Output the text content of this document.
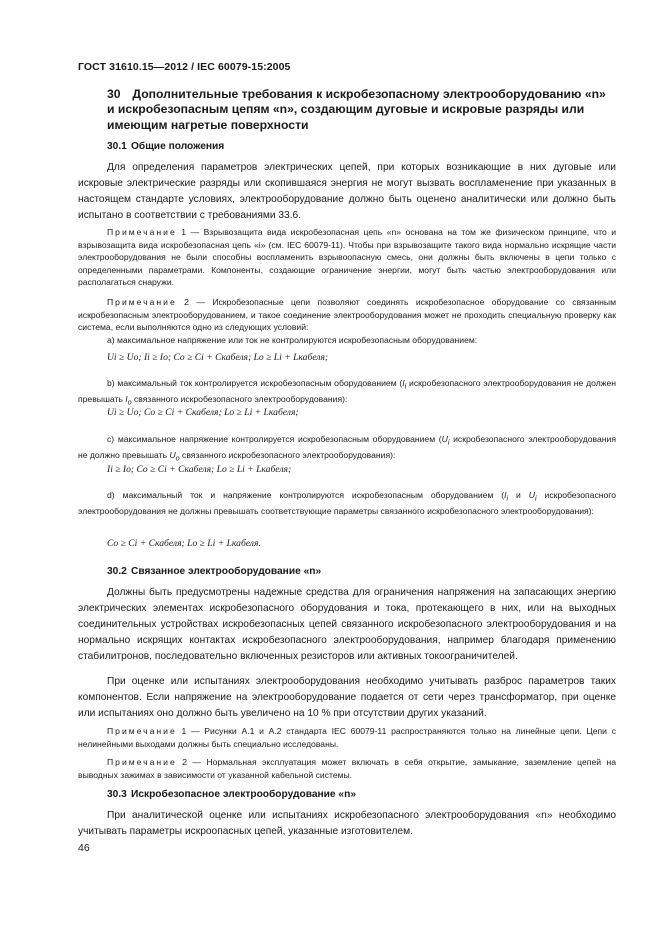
ГОСТ 31610.15—2012 / IEC 60079-15:2005
30 Дополнительные требования к искробезопасному электрооборудованию «n» и искробезопасным цепям «n», создающим дуговые и искровые разряды или имеющим нагретые поверхности
30.1 Общие положения
Для определения параметров электрических цепей, при которых возникающие в них дуговые или искровые электрические разряды или скопившаяся энергия не могут вызвать воспламенение при указанных в настоящем стандарте условиях, электрооборудование должно быть оценено аналитически или должно быть испытано в соответствии с требованиями 33.6.
Примечание 1 — Взрывозащита вида искробезопасная цепь «n» основана на том же физическом принципе, что и взрывозащита вида искробезопасная цепь «i» (см. IEC 60079-11). Чтобы при взрывозащите такого вида нормально искрящие части электрооборудования не были способны воспламенить взрывоопасную смесь, они должны быть включены в цепи только с определенными параметрами. Компоненты, создающие ограничение энергии, могут быть частью электрооборудования или располагаться снаружи.
Примечание 2 — Искробезопасные цепи позволяют соединять искробезопасное оборудование со связанным искробезопасным электрооборудованием, и такое соединение электрооборудования может не проходить специальную проверку как система, если выполняются одно из следующих условий:
a) максимальное напряжение или ток не контролируются искробезопасным оборудованием:
Ui ≥ Uo; Ii ≥ Io; Co ≥ Ci + Cкабеля; Lo ≥ Li + Lкабеля;
b) максимальный ток контролируется искробезопасным оборудованием ($I_i$ искробезопасного электрооборудования не должен превышать $I_o$ связанного искробезопасного электрооборудования):
Ui ≥ Uo; Co ≥ Ci + Cкабеля; Lo ≥ Li + Lкабеля;
c) максимальное напряжение контролируется искробезопасным оборудованием ($U_i$ искробезопасного электрооборудования не должно превышать $U_o$ связанного искробезопасного электрооборудования):
Ii ≥ Io; Co ≥ Ci + Cкабеля; Lo ≥ Li + Lкабеля;
d) максимальный ток и напряжение контролируются искробезопасным оборудованием ($I_i$ и $U_i$ искробезопасного электрооборудования не должны превышать соответствующие параметры связанного искробезопасного электрооборудования):
Co ≥ Ci + Cкабеля; Lo ≥ Li + Lкабеля.
30.2 Связанное электрооборудование «n»
Должны быть предусмотрены надежные средства для ограничения напряжения на запасающих энергию электрических элементах искробезопасного оборудования и тока, протекающего в них, или на выходных соединительных устройствах искробезопасных цепей связанного искробезопасного электрооборудования и на нормально искрящих контактах искробезопасного электрооборудования, например благодаря применению стабилитронов, последовательно включенных резисторов или активных токоограничителей.
При оценке или испытаниях электрооборудования необходимо учитывать разброс параметров таких компонентов. Если напряжение на электрооборудование подается от сети через трансформатор, при оценке или испытаниях оно должно быть увеличено на 10 % при отсутствии других указаний.
Примечание 1 — Рисунки А.1 и А.2 стандарта IEC 60079-11 распространяются только на линейные цепи. Цепи с нелинейными выходами должны быть специально исследованы.
Примечание 2 — Нормальная эксплуатация может включать в себя открытие, замыкание, заземление цепей на выводных зажимах в зависимости от указанной кабельной системы.
30.3 Искробезопасное электрооборудование «n»
При аналитической оценке или испытаниях искробезопасного электрооборудования «n» необходимо учитывать параметры искроопасных цепей, указанные изготовителем.
46
